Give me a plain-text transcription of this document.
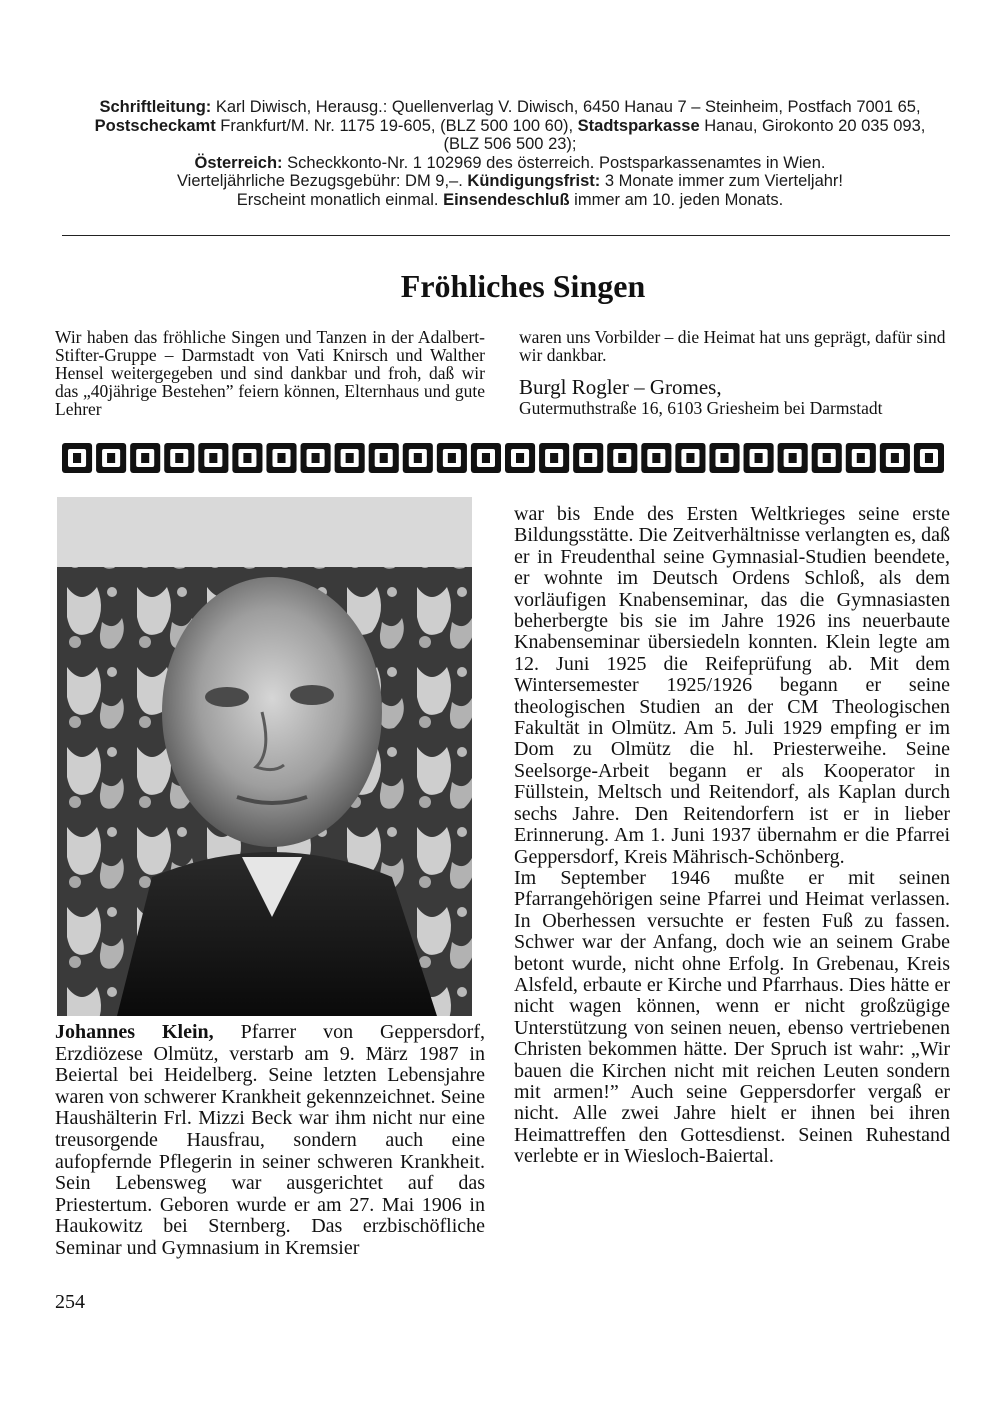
Schriftleitung: Karl Diwisch, Herausg.: Quellenverlag V. Diwisch, 6450 Hanau 7 – Steinheim, Postfach 7001 65,
Postscheckamt Frankfurt/M. Nr. 1175 19-605, (BLZ 500 100 60), Stadtsparkasse Hanau, Girokonto 20 035 093,
(BLZ 506 500 23);
Österreich: Scheckkonto-Nr. 1 102969 des österreich. Postsparkassenamtes in Wien.
Vierteljährliche Bezugsgebühr: DM 9,–. Kündigungsfrist: 3 Monate immer zum Vierteljahr!
Erscheint monatlich einmal. Einsendeschluß immer am 10. jeden Monats.
Fröhliches Singen
Wir haben das fröhliche Singen und Tanzen in der Adalbert-Stifter-Gruppe – Darmstadt von Vati Knirsch und Walther Hensel weitergegeben und sind dankbar und froh, daß wir das „40jährige Bestehen” feiern können, Elternhaus und gute Lehrer
waren uns Vorbilder – die Heimat hat uns geprägt, dafür sind wir dankbar.
Burgl Rogler – Gromes,
Gutermuthstraße 16, 6103 Griesheim bei Darmstadt

Johannes Klein, Pfarrer von Geppersdorf, Erzdiözese Olmütz, verstarb am 9. März 1987 in Beiertal bei Heidelberg. Seine letzten Lebensjahre waren von schwerer Krankheit gekennzeichnet. Seine Haushälterin Frl. Mizzi Beck war ihm nicht nur eine treusorgende Hausfrau, sondern auch eine aufopfernde Pflegerin in seiner schweren Krankheit. Sein Lebensweg war ausgerichtet auf das Priestertum. Geboren wurde er am 27. Mai 1906 in Haukowitz bei Sternberg. Das erzbischöfliche Seminar und Gymnasium in Kremsier

war bis Ende des Ersten Weltkrieges seine erste Bildungsstätte. Die Zeitverhältnisse verlangten es, daß er in Freudenthal seine Gymnasial-Studien beendete, er wohnte im Deutsch Ordens Schloß, als dem vorläufigen Knabenseminar, das die Gymnasiasten beherbergte bis sie im Jahre 1926 ins neuerbaute Knabenseminar übersiedeln konnten. Klein legte am 12. Juni 1925 die Reifeprüfung ab. Mit dem Wintersemester 1925/1926 begann er seine theologischen Studien an der CM Theologischen Fakultät in Olmütz. Am 5. Juli 1929 empfing er im Dom zu Olmütz die hl. Priesterweihe. Seine Seelsorge-Arbeit begann er als Kooperator in Füllstein, Meltsch und Reitendorf, als Kaplan durch sechs Jahre. Den Reitendorfern ist er in lieber Erinnerung. Am 1. Juni 1937 übernahm er die Pfarrei Geppersdorf, Kreis Mährisch-Schönberg.

Im September 1946 mußte er mit seinen Pfarrangehörigen seine Pfarrei und Heimat verlassen. In Oberhessen versuchte er festen Fuß zu fassen. Schwer war der Anfang, doch wie an seinem Grabe betont wurde, nicht ohne Erfolg. In Grebenau, Kreis Alsfeld, erbaute er Kirche und Pfarrhaus. Dies hätte er nicht wagen können, wenn er nicht großzügige Unterstützung von seinen neuen, ebenso vertriebenen Christen bekommen hätte. Der Spruch ist wahr: „Wir bauen die Kirchen nicht mit reichen Leuten sondern mit armen!” Auch seine Geppersdorfer vergaß er nicht. Alle zwei Jahre hielt er ihnen bei ihren Heimattreffen den Gottesdienst. Seinen Ruhestand verlebte er in Wiesloch-Baiertal.

254
